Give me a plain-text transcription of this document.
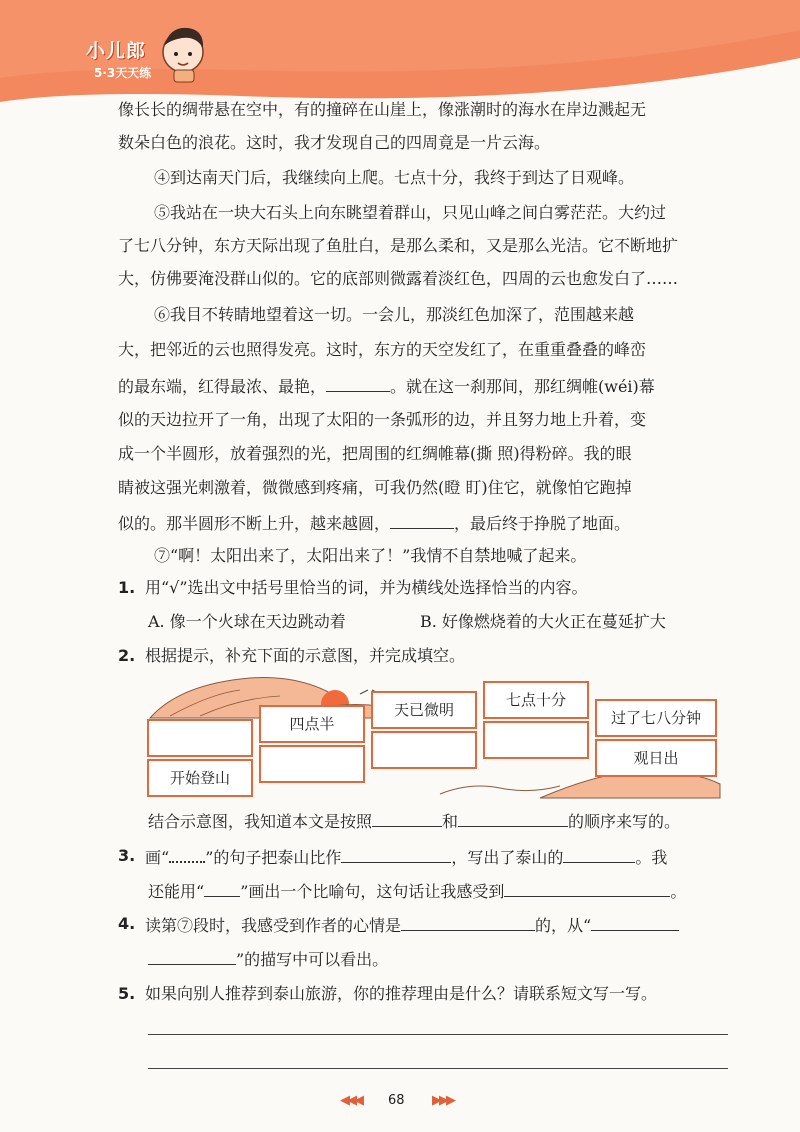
小儿郎
5·3天天练
像长长的绸带悬在空中，有的撞碎在山崖上，像涨潮时的海水在岸边溅起无
数朵白色的浪花。这时，我才发现自己的四周竟是一片云海。
④到达南天门后，我继续向上爬。七点十分，我终于到达了日观峰。
⑤我站在一块大石头上向东眺望着群山，只见山峰之间白雾茫茫。大约过
了七八分钟，东方天际出现了鱼肚白，是那么柔和，又是那么光洁。它不断地扩
大，仿佛要淹没群山似的。它的底部则微露着淡红色，四周的云也愈发白了……
⑥我目不转睛地望着这一切。一会儿，那淡红色加深了，范围越来越
大，把邻近的云也照得发亮。这时，东方的天空发红了，在重重叠叠的峰峦
的最东端，红得最浓、最艳，	。就在这一刹那间，那红绸帷(wéi)幕
似的天边拉开了一角，出现了太阳的一条弧形的边，并且努力地上升着，变
成一个半圆形，放着强烈的光，把周围的红绸帷幕(撕 照)得粉碎。我的眼
睛被这强光刺激着，微微感到疼痛，可我仍然(瞪 盯)住它，就像怕它跑掉
似的。那半圆形不断上升，越来越圆，	，最后终于挣脱了地面。
⑦“啊！太阳出来了，太阳出来了！”我情不自禁地喊了起来。
1. 用“√”选出文中括号里恰当的词，并为横线处选择恰当的内容。
A. 像一个火球在天边跳动着	B. 好像燃烧着的大火正在蔓延扩大
2. 根据提示，补充下面的示意图，并完成填空。
开始登山
四点半
天已微明
七点十分
过了七八分钟
观日出
结合示意图，我知道本文是按照	和	的顺序来写的。
3. 画“ ”的句子把泰山比作	，写出了泰山的	。我
还能用“ ”画出一个比喻句，这句话让我感受到	。
4. 读第⑦段时，我感受到作者的心情是	的，从“
”的描写中可以看出。
5. 如果向别人推荐到泰山旅游，你的推荐理由是什么？请联系短文写一写。
◀◀◀ 68 ▶▶▶
